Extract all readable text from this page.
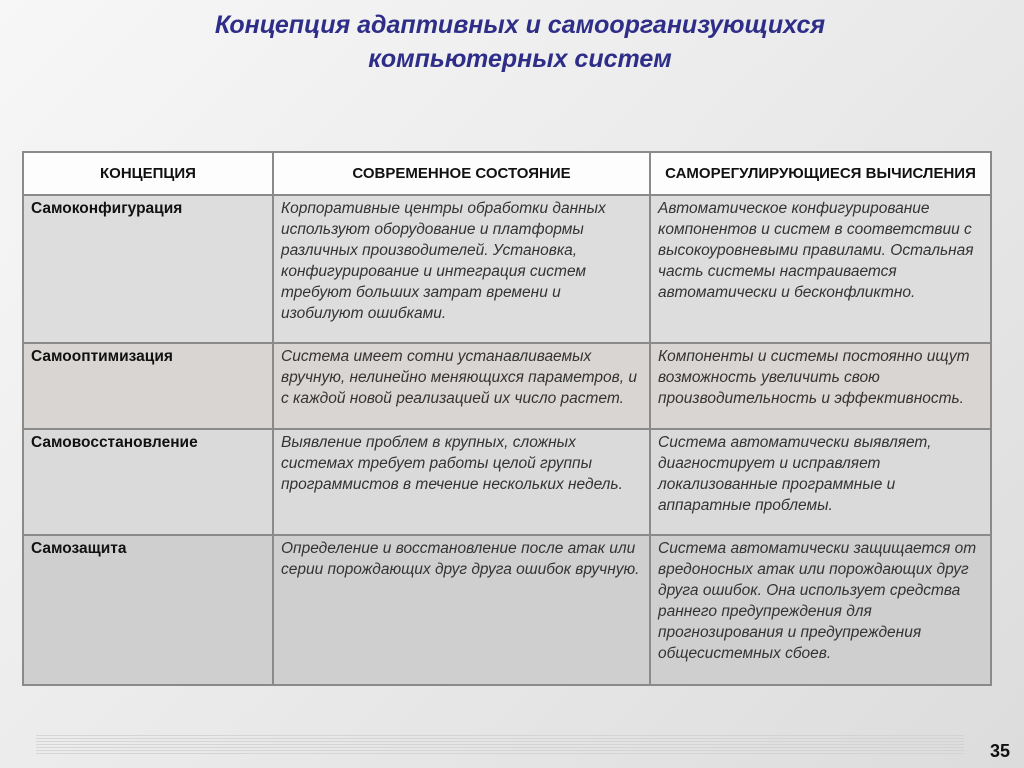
Концепция адаптивных и самоорганизующихся
компьютерных систем
КОНЦЕПЦИЯ	СОВРЕМЕННОЕ СОСТОЯНИЕ	САМОРЕГУЛИРУЮЩИЕСЯ ВЫЧИСЛЕНИЯ
Самоконфигурация	Корпоративные центры обработки данных используют оборудование и платформы различных производителей. Установка, конфигурирование и интеграция систем требуют больших затрат времени и изобилуют ошибками.	Автоматическое конфигурирование компонентов и систем в соответствии с высокоуровневыми правилами. Остальная часть системы настраивается автоматически и бесконфликтно.
Самооптимизация	Система имеет сотни устанавливаемых вручную, нелинейно меняющихся параметров, и с каждой новой реализацией их число растет.	Компоненты и системы постоянно ищут возможность увеличить свою производительность и эффективность.
Самовосстановление	Выявление проблем в крупных, сложных системах требует работы целой группы программистов в течение нескольких недель.	Система автоматически выявляет, диагностирует и исправляет локализованные программные и аппаратные проблемы.
Самозащита	Определение и восстановление после атак или серии порождающих друг друга ошибок вручную.	Система автоматически защищается от вредоносных атак или порождающих друг друга ошибок. Она использует средства раннего предупреждения для прогнозирования и предупреждения общесистемных сбоев.
35
